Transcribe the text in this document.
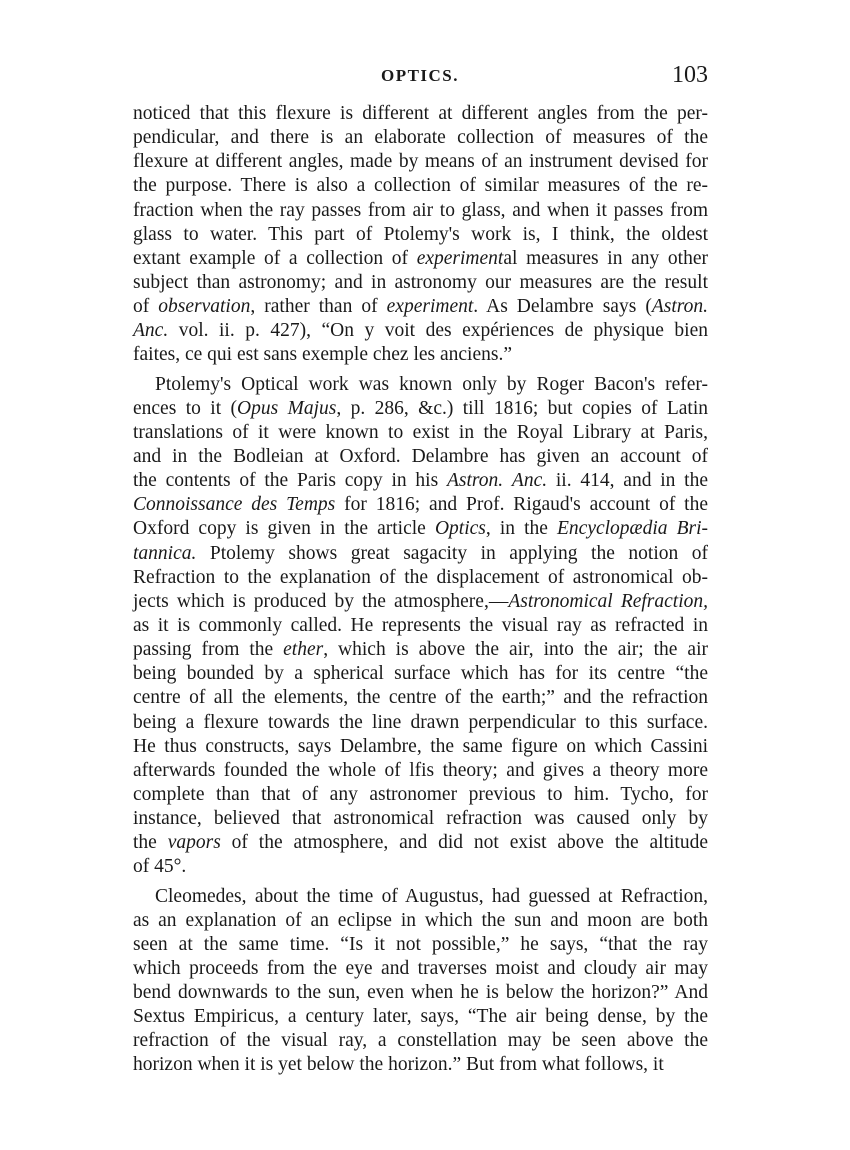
OPTICS.	103
noticed that this flexure is different at different angles from the per-
pendicular, and there is an elaborate collection of measures of the
flexure at different angles, made by means of an instrument devised for
the purpose. There is also a collection of similar measures of the re-
fraction when the ray passes from air to glass, and when it passes from
glass to water. This part of Ptolemy's work is, I think, the oldest
extant example of a collection of experimental measures in any other
subject than astronomy; and in astronomy our measures are the result
of observation, rather than of experiment. As Delambre says (Astron.
Anc. vol. ii. p. 427), “On y voit des expériences de physique bien
faites, ce qui est sans exemple chez les anciens.”
Ptolemy's Optical work was known only by Roger Bacon's refer-
ences to it (Opus Majus, p. 286, &c.) till 1816; but copies of Latin
translations of it were known to exist in the Royal Library at Paris,
and in the Bodleian at Oxford. Delambre has given an account of
the contents of the Paris copy in his Astron. Anc. ii. 414, and in the
Connoissance des Temps for 1816; and Prof. Rigaud's account of the
Oxford copy is given in the article Optics, in the Encyclopædia Bri-
tannica. Ptolemy shows great sagacity in applying the notion of
Refraction to the explanation of the displacement of astronomical ob-
jects which is produced by the atmosphere,—Astronomical Refraction,
as it is commonly called. He represents the visual ray as refracted in
passing from the ether, which is above the air, into the air; the air
being bounded by a spherical surface which has for its centre “the
centre of all the elements, the centre of the earth;” and the refraction
being a flexure towards the line drawn perpendicular to this surface.
He thus constructs, says Delambre, the same figure on which Cassini
afterwards founded the whole of lfis theory; and gives a theory more
complete than that of any astronomer previous to him. Tycho, for
instance, believed that astronomical refraction was caused only by
the vapors of the atmosphere, and did not exist above the altitude
of 45°.
Cleomedes, about the time of Augustus, had guessed at Refraction,
as an explanation of an eclipse in which the sun and moon are both
seen at the same time. “Is it not possible,” he says, “that the ray
which proceeds from the eye and traverses moist and cloudy air may
bend downwards to the sun, even when he is below the horizon?” And
Sextus Empiricus, a century later, says, “The air being dense, by the
refraction of the visual ray, a constellation may be seen above the
horizon when it is yet below the horizon.” But from what follows, it
